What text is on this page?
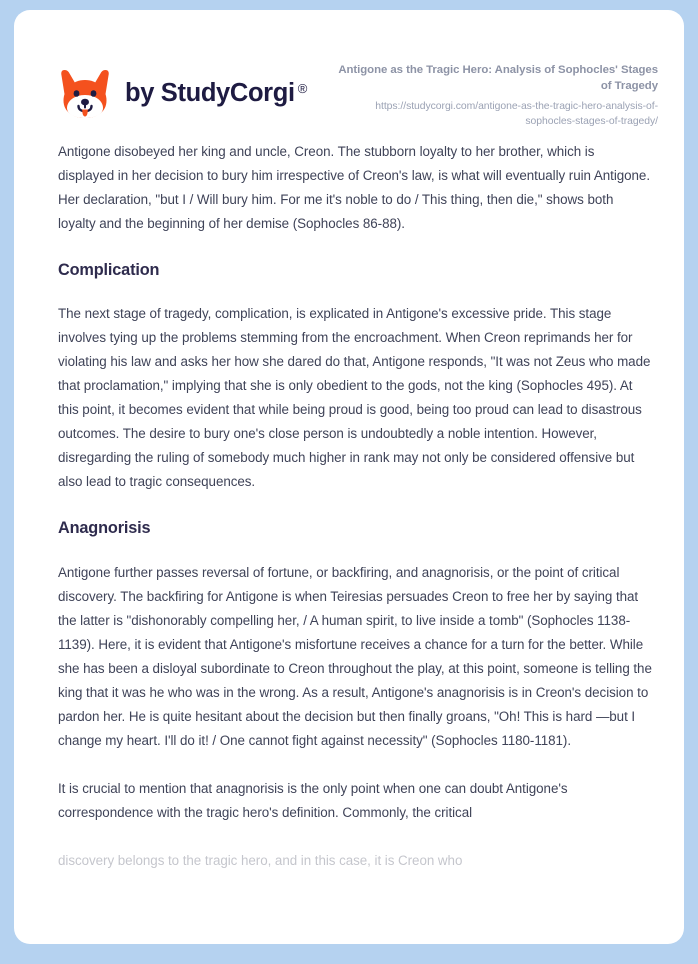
by StudyCorgi ®
Antigone as the Tragic Hero: Analysis of Sophocles' Stages of Tragedy
https://studycorgi.com/antigone-as-the-tragic-hero-analysis-of-sophocles-stages-of-tragedy/

Antigone disobeyed her king and uncle, Creon. The stubborn loyalty to her brother, which is displayed in her decision to bury him irrespective of Creon's law, is what will eventually ruin Antigone. Her declaration, "but I / Will bury him. For me it's noble to do / This thing, then die," shows both loyalty and the beginning of her demise (Sophocles 86-88).

Complication

The next stage of tragedy, complication, is explicated in Antigone's excessive pride. This stage involves tying up the problems stemming from the encroachment. When Creon reprimands her for violating his law and asks her how she dared do that, Antigone responds, "It was not Zeus who made that proclamation," implying that she is only obedient to the gods, not the king (Sophocles 495). At this point, it becomes evident that while being proud is good, being too proud can lead to disastrous outcomes. The desire to bury one's close person is undoubtedly a noble intention. However, disregarding the ruling of somebody much higher in rank may not only be considered offensive but also lead to tragic consequences.

Anagnorisis

Antigone further passes reversal of fortune, or backfiring, and anagnorisis, or the point of critical discovery. The backfiring for Antigone is when Teiresias persuades Creon to free her by saying that the latter is "dishonorably compelling her, / A human spirit, to live inside a tomb" (Sophocles 1138-1139). Here, it is evident that Antigone's misfortune receives a chance for a turn for the better. While she has been a disloyal subordinate to Creon throughout the play, at this point, someone is telling the king that it was he who was in the wrong. As a result, Antigone's anagnorisis is in Creon's decision to pardon her. He is quite hesitant about the decision but then finally groans, "Oh! This is hard —but I change my heart. I'll do it! / One cannot fight against necessity" (Sophocles 1180-1181).

It is crucial to mention that anagnorisis is the only point when one can doubt Antigone's correspondence with the tragic hero's definition. Commonly, the critical

discovery belongs to the tragic hero, and in this case, it is Creon who
